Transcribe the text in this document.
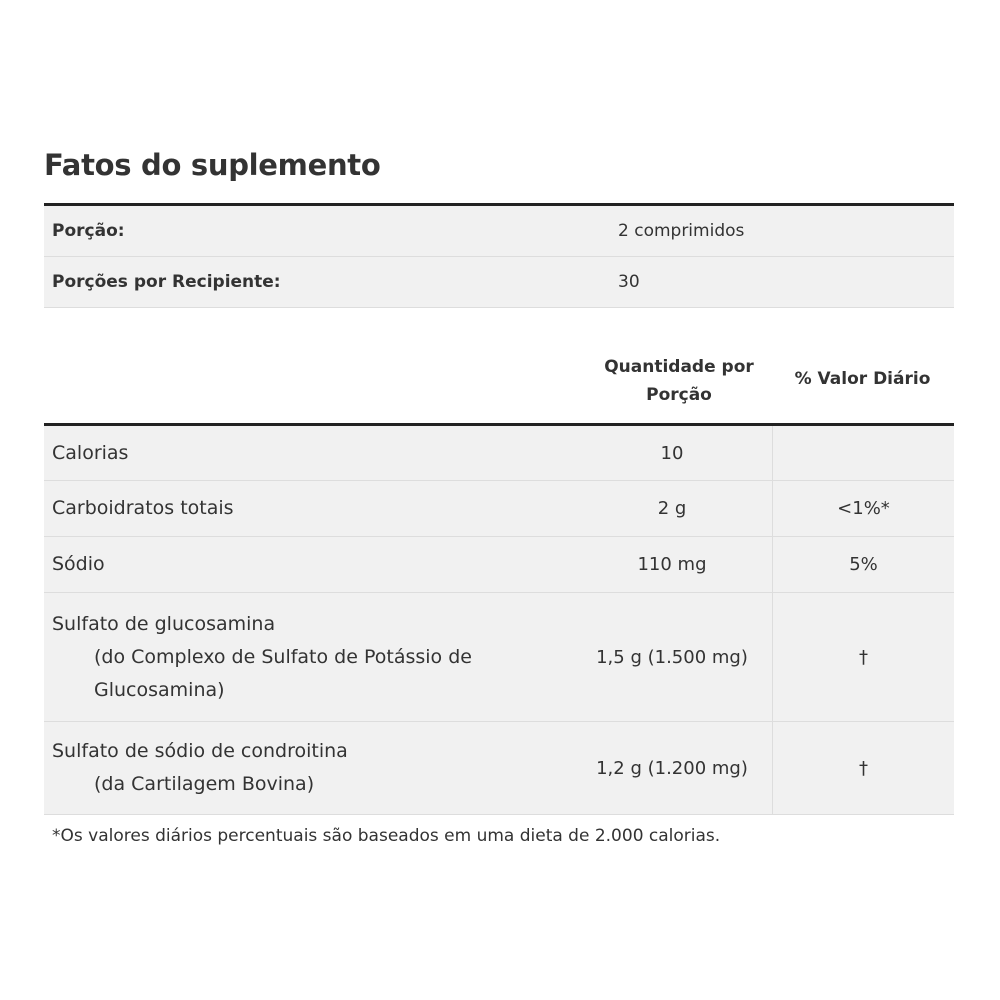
Fatos do suplemento
Porção:	2 comprimidos
Porções por Recipiente:	30
Quantidade por
Porção
% Valor Diário
Calorias	10
Carboidratos totais	2 g	<1%*
Sódio	110 mg	5%
Sulfato de glucosamina
(do Complexo de Sulfato de Potássio de
Glucosamina)
1,5 g (1.500 mg)	†
Sulfato de sódio de condroitina
(da Cartilagem Bovina)
1,2 g (1.200 mg)	†
*Os valores diários percentuais são baseados em uma dieta de 2.000 calorias.
